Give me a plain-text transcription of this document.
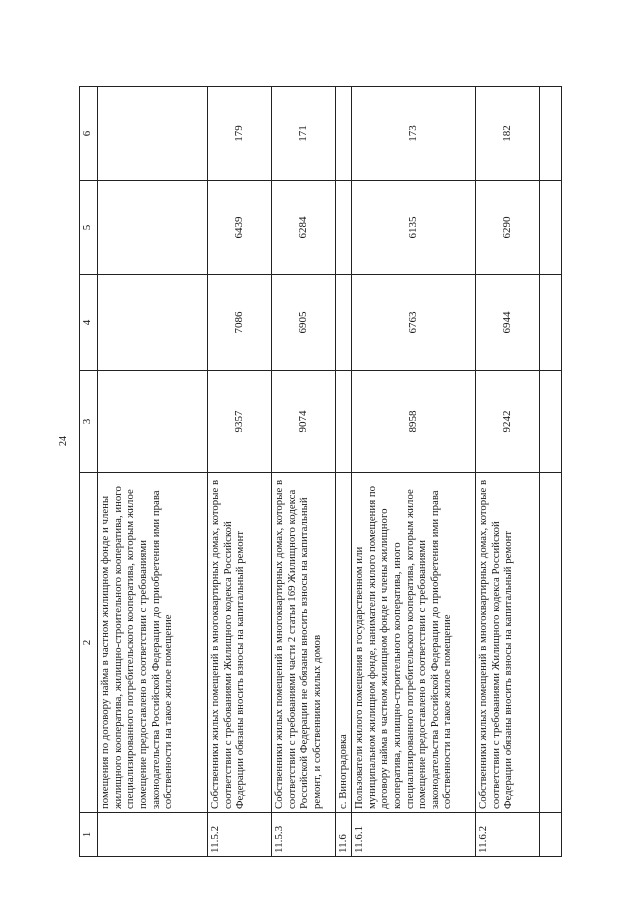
24
1	2	3	4	5	6
	помещения по договору найма в частном жилищном фонде и члены жилищного кооператива, жилищно-строительного кооператива, иного специализированного потребительского кооператива, которым жилое помещение предоставлено в соответствии с требованиями законодательства Российской Федерации до приобретения ими права собственности на такое жилое помещение				
11.5.2	Собственники жилых помещений в многоквартирных домах, которые в соответствии с требованиями Жилищного кодекса Российской Федерации обязаны вносить взносы на капитальный ремонт	9357	7086	6439	179
11.5.3	Собственники жилых помещений в многоквартирных домах, которые в соответствии с требованиями части 2 статьи 169 Жилищного кодекса Российской Федерации не обязаны вносить взносы на капитальный ремонт, и собственники жилых домов	9074	6905	6284	171
11.6	с. Виноградовка				
11.6.1	Пользователи жилого помещения в государственном или муниципальном жилищном фонде, наниматели жилого помещения по договору найма в частном жилищном фонде и члены жилищного кооператива, жилищно-строительного кооператива, иного специализированного потребительского кооператива, которым жилое помещение предоставлено в соответствии с требованиями законодательства Российской Федерации до приобретения ими права собственности на такое жилое помещение	8958	6763	6135	173
11.6.2	Собственники жилых помещений в многоквартирных домах, которые в соответствии с требованиями Жилищного кодекса Российской Федерации обязаны вносить взносы на капитальный ремонт	9242	6944	6290	182
